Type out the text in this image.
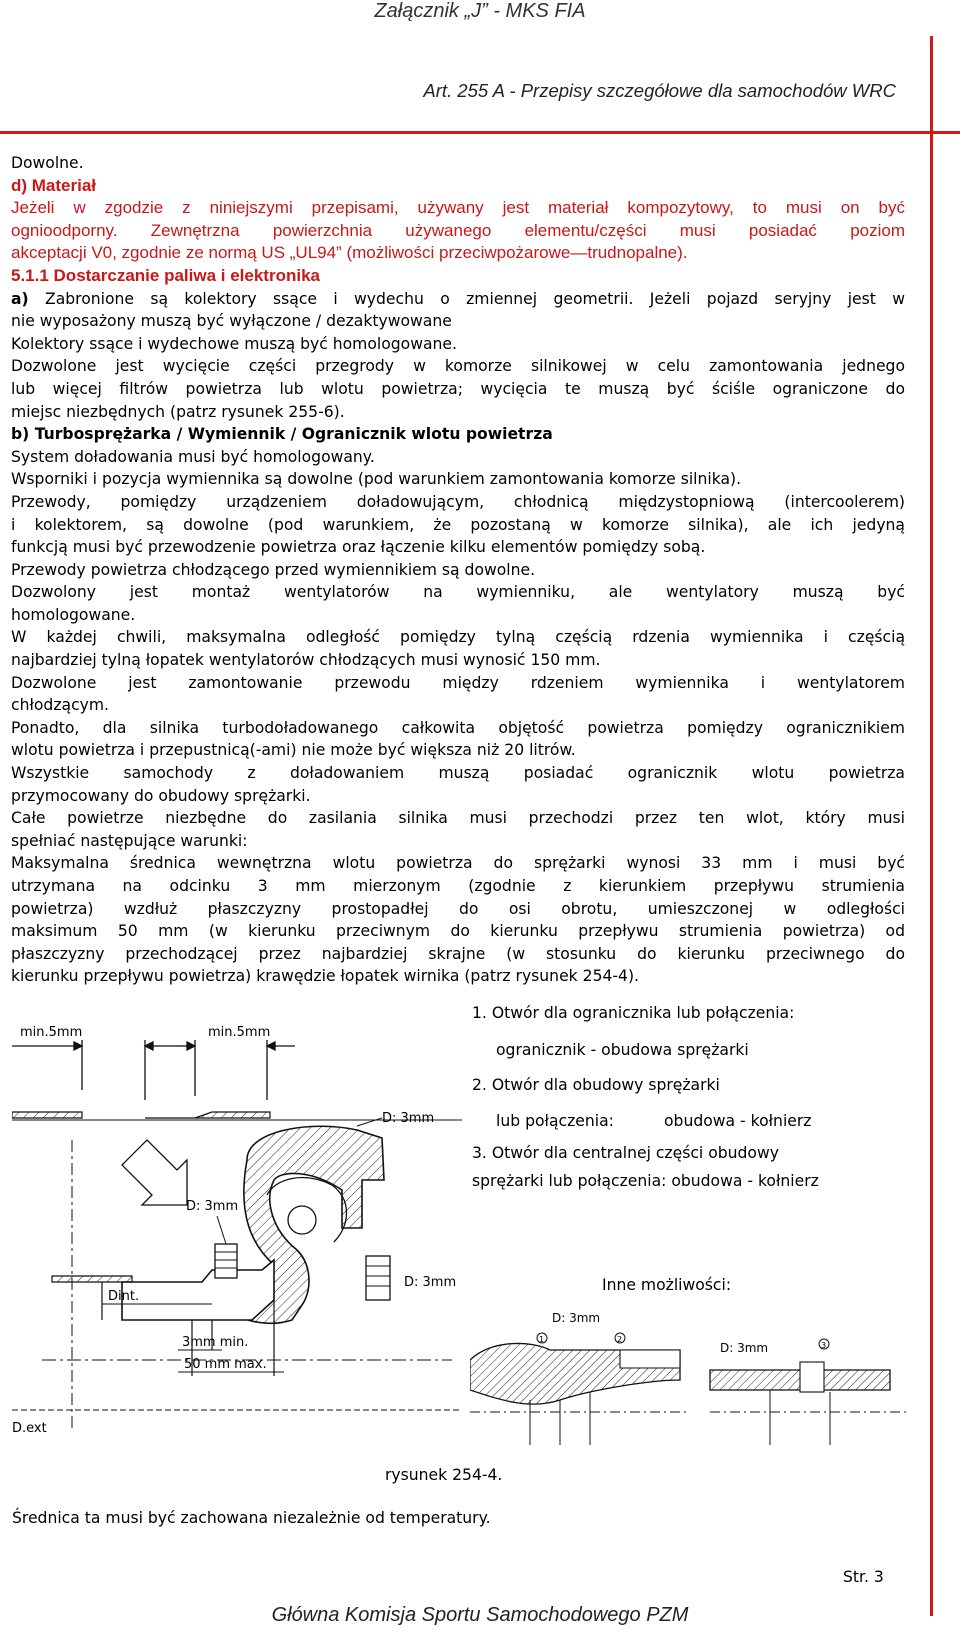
Załącznik „J” - MKS FIA
Art. 255 A - Przepisy szczegółowe dla samochodów WRC

Dowolne.

d) Materiał

Jeżeli w zgodzie z niniejszymi przepisami, używany jest materiał kompozytowy, to musi on być

ognioodporny. Zewnętrzna powierzchnia używanego elementu/części musi posiadać poziom

akceptacji V0, zgodnie ze normą US „UL94” (możliwości przeciwpożarowe—trudnopalne).

5.1.1 Dostarczanie paliwa i elektronika

a) Zabronione są kolektory ssące i wydechu o zmiennej geometrii. Jeżeli pojazd seryjny jest w

nie wyposażony muszą być wyłączone / dezaktywowane

Kolektory ssące i wydechowe muszą być homologowane.

Dozwolone jest wycięcie części przegrody w komorze silnikowej w celu zamontowania jednego

lub więcej filtrów powietrza lub wlotu powietrza; wycięcia te muszą być ściśle ograniczone do

miejsc niezbędnych (patrz rysunek 255-6).

b) Turbosprężarka / Wymiennik / Ogranicznik wlotu powietrza

System doładowania musi być homologowany.

Wsporniki i pozycja wymiennika są dowolne (pod warunkiem zamontowania komorze silnika).

Przewody, pomiędzy urządzeniem doładowującym, chłodnicą międzystopniową (intercoolerem)

i kolektorem, są dowolne (pod warunkiem, że pozostaną w komorze silnika), ale ich jedyną

funkcją musi być przewodzenie powietrza oraz łączenie kilku elementów pomiędzy sobą.

Przewody powietrza chłodzącego przed wymiennikiem są dowolne.

Dozwolony jest montaż wentylatorów na wymienniku, ale wentylatory muszą być

homologowane.

W każdej chwili, maksymalna odległość pomiędzy tylną częścią rdzenia wymiennika i częścią

najbardziej tylną łopatek wentylatorów chłodzących musi wynosić 150 mm.

Dozwolone jest zamontowanie przewodu między rdzeniem wymiennika i wentylatorem

chłodzącym.

Ponadto, dla silnika turbodoładowanego całkowita objętość powietrza pomiędzy ogranicznikiem

wlotu powietrza i przepustnicą(-ami) nie może być większa niż 20 litrów.

Wszystkie samochody z doładowaniem muszą posiadać ogranicznik wlotu powietrza

przymocowany do obudowy sprężarki.

Całe powietrze niezbędne do zasilania silnika musi przechodzi przez ten wlot, który musi

spełniać następujące warunki:

Maksymalna średnica wewnętrzna wlotu powietrza do sprężarki wynosi 33 mm i musi być

utrzymana na odcinku 3 mm mierzonym (zgodnie z kierunkiem przepływu strumienia

powietrza) wzdłuż płaszczyzny prostopadłej do osi obrotu, umieszczonej w odległości

maksimum 50 mm (w kierunku przeciwnym do kierunku przepływu strumienia powietrza) od

płaszczyzny przechodzącej przez najbardziej skrajne (w stosunku do kierunku przeciwnego do

kierunku przepływu powietrza) krawędzie łopatek wirnika (patrz rysunek 254-4).

1. Otwór dla ogranicznika lub połączenia:
ogranicznik - obudowa sprężarki
2. Otwór dla obudowy sprężarki
lub połączenia:	obudowa - kołnierz
3. Otwór dla centralnej części obudowy
sprężarki lub połączenia: obudowa - kołnierz
Inne możliwości:
min.5mm	min.5mm
Dint.
3mm min.
50 mm max.
D: 3mm
D: 3mm
D: 3mm
D.ext
D: 3mm
1	2
D: 3mm	3
rysunek 254-4.
Średnica ta musi być zachowana niezależnie od temperatury.
Str. 3
Główna Komisja Sportu Samochodowego PZM
